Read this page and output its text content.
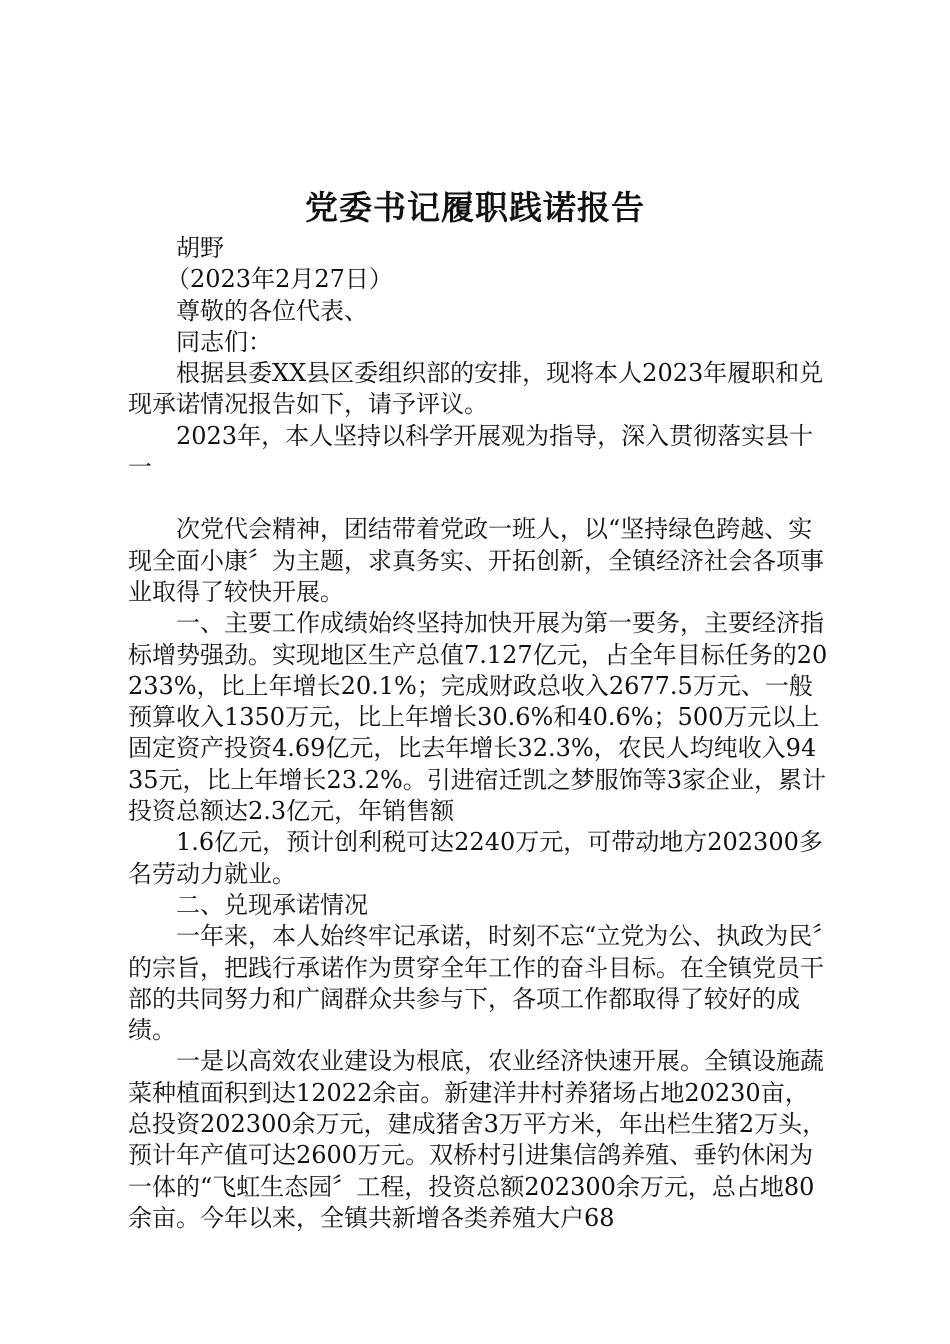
党委书记履职践诺报告

胡野

（2023年2月27日）

尊敬的各位代表、

同志们：

根据县委XX县区委组织部的安排，现将本人2023年履职和兑现承诺情况报告如下，请予评议。

2023年，本人坚持以科学开展观为指导，深入贯彻落实县十一

次党代会精神，团结带着党政一班人，以“坚持绿色跨越、实现全面小康〞为主题，求真务实、开拓创新，全镇经济社会各项事业取得了较快开展。

一、主要工作成绩始终坚持加快开展为第一要务，主要经济指标增势强劲。实现地区生产总值7.127亿元，占全年目标任务的20233%，比上年增长20.1%；完成财政总收入2677.5万元、一般预算收入1350万元，比上年增长30.6%和40.6%；500万元以上固定资产投资4.69亿元，比去年增长32.3%，农民人均纯收入9435元，比上年增长23.2%。引进宿迁凯之梦服饰等3家企业，累计投资总额达2.3亿元，年销售额

1.6亿元，预计创利税可达2240万元，可带动地方202300多名劳动力就业。

二、兑现承诺情况

一年来，本人始终牢记承诺，时刻不忘“立党为公、执政为民〞的宗旨，把践行承诺作为贯穿全年工作的奋斗目标。在全镇党员干部的共同努力和广阔群众共参与下，各项工作都取得了较好的成绩。

一是以高效农业建设为根底，农业经济快速开展。全镇设施蔬菜种植面积到达12022余亩。新建洋井村养猪场占地20230亩，总投资202300余万元，建成猪舍3万平方米，年出栏生猪2万头，预计年产值可达2600万元。双桥村引进集信鸽养殖、垂钓休闲为一体的“飞虹生态园〞工程，投资总额202300余万元，总占地80余亩。今年以来，全镇共新增各类养殖大户68
